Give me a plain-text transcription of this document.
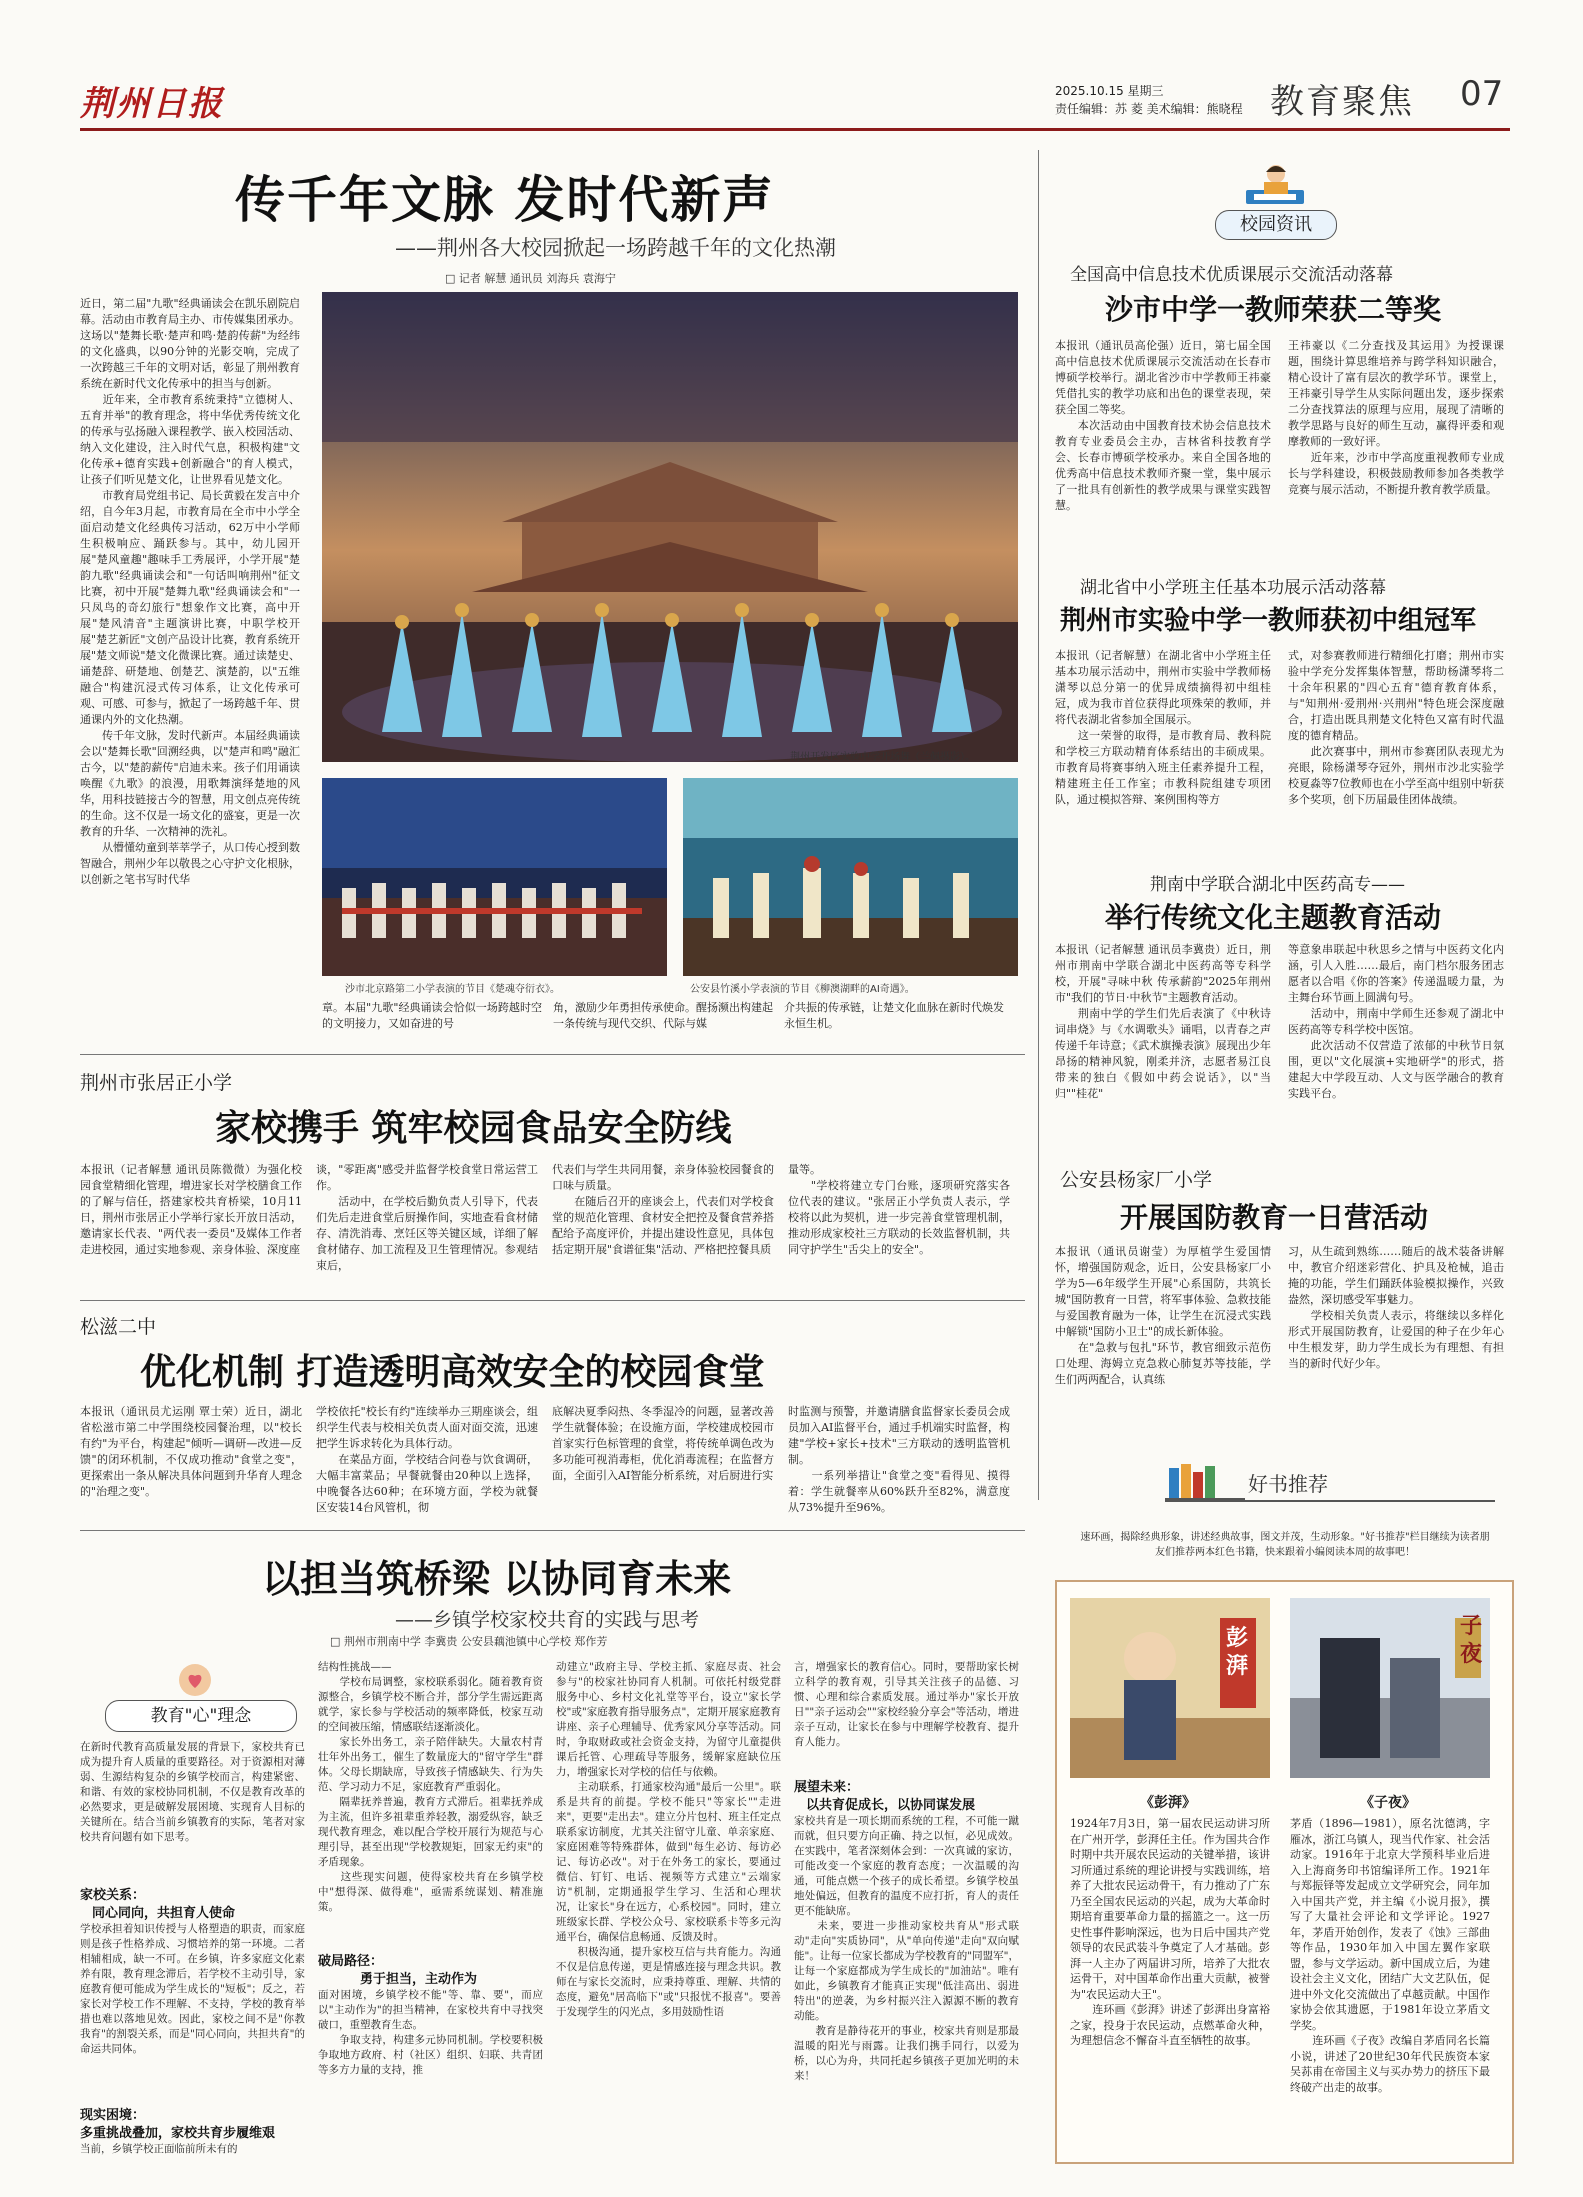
荆州日报	2025.10.15 星期三
责任编辑：苏 菱 美术编辑：熊晓程 教育聚焦 07
传千年文脉 发时代新声
——荆州各大校园掀起一场跨越千年的文化热潮
□ 记者 解慧 通讯员 刘海兵 袁海宁
近日，第二届"九歌"经典诵读会在凯乐剧院启幕。活动由市教育局主办、市传媒集团承办。这场以"楚舞长歌·楚声和鸣·楚韵传薪"为经纬的文化盛典，以90分钟的光影交响，完成了一次跨越三千年的文明对话，彰显了荆州教育系统在新时代文化传承中的担当与创新。
　　近年来，全市教育系统秉持"立德树人、五育并举"的教育理念，将中华优秀传统文化的传承与弘扬融入课程教学、嵌入校园活动、纳入文化建设，注入时代气息，积极构建"文化传承+德育实践+创新融合"的育人模式，让孩子们听见楚文化，让世界看见楚文化。
　　市教育局党组书记、局长黄毅在发言中介绍，自今年3月起，市教育局在全市中小学全面启动楚文化经典传习活动，62万中小学师生积极响应、踊跃参与。其中，幼儿园开展"楚风童趣"趣味手工秀展评，小学开展"楚韵九歌"经典诵读会和"一句话叫响荆州"征文比赛，初中开展"楚舞九歌"经典诵读会和"一只凤鸟的奇幻旅行"想象作文比赛，高中开展"楚风清音"主题演讲比赛，中职学校开展"楚艺新匠"文创产品设计比赛，教育系统开展"楚文师说"楚文化微课比赛。通过读楚史、诵楚辞、研楚地、创楚艺、演楚韵，以"五维融合"构建沉浸式传习体系，让文化传承可观、可感、可参与，掀起了一场跨越千年、贯通课内外的文化热潮。
　　传千年文脉，发时代新声。本届经典诵读会以"楚舞长歌"回溯经典，以"楚声和鸣"融汇古今，以"楚韵薪传"启迪未来。孩子们用诵读唤醒《九歌》的浪漫，用歌舞演绎楚地的风华，用科技链接古今的智慧，用文创点亮传统的生命。这不仅是一场文化的盛宴，更是一次教育的升华、一次精神的洗礼。
　　从懵懂幼童到莘莘学子，从口传心授到数智融合，荆州少年以敬畏之心守护文化根脉，以创新之笔书写时代华
荆州开发区实验中学开场舞（兰佩摄影）。
沙市北京路第二小学表演的节目《楚魂夺衍衣》。	公安县竹溪小学表演的节目《柳澳湖畔的AI奇遇》。
章。本届"九歌"经典诵读会恰似一场跨越时空的文明接力，又如奋进的号
角，激励少年勇担传承使命。醒扬濒出构建起一条传统与现代交织、代际与媒
介共振的传承链，让楚文化血脉在新时代焕发永恒生机。
校园资讯
全国高中信息技术优质课展示交流活动落幕
沙市中学一教师荣获二等奖
本报讯（通讯员高伦强）近日，第七届全国高中信息技术优质课展示交流活动在长春市博硕学校举行。湖北省沙市中学教师王祎豪凭借扎实的教学功底和出色的课堂表现，荣获全国二等奖。
　　本次活动由中国教育技术协会信息技术教育专业委员会主办，吉林省科技教育学会、长春市博硕学校承办。来自全国各地的优秀高中信息技术教师齐聚一堂，集中展示了一批具有创新性的教学成果与课堂实践智慧。
王祎豪以《二分查找及其运用》为授课课题，围绕计算思维培养与跨学科知识融合，精心设计了富有层次的教学环节。课堂上，王祎豪引导学生从实际问题出发，逐步探索二分查找算法的原理与应用，展现了清晰的教学思路与良好的师生互动，赢得评委和观摩教师的一致好评。
　　近年来，沙市中学高度重视教师专业成长与学科建设，积极鼓励教师参加各类教学竞赛与展示活动，不断提升教育教学质量。
湖北省中小学班主任基本功展示活动落幕
荆州市实验中学一教师获初中组冠军
本报讯（记者解慧）在湖北省中小学班主任基本功展示活动中，荆州市实验中学教师杨潇琴以总分第一的优异成绩摘得初中组桂冠，成为我市首位获得此项殊荣的教师，并将代表湖北省参加全国展示。
　　这一荣誉的取得，是市教育局、教科院和学校三方联动精育体系结出的丰硕成果。市教育局将赛事纳入班主任素养提升工程，精建班主任工作室；市教科院组建专项团队，通过模拟答辩、案例围构等方
式，对参赛教师进行精细化打磨；荆州市实验中学充分发挥集体智慧，帮助杨潇琴将二十余年积累的"四心五育"德育教育体系，与"知荆州·爱荆州·兴荆州"特色班会深度融合，打造出既具荆楚文化特色又富有时代温度的德育精品。
　　此次赛事中，荆州市参赛团队表现尤为亮眼，除杨潇琴夺冠外，荆州市沙北实验学校夏淼等7位教师也在小学至高中组别中斩获多个奖项，创下历届最佳团体战绩。
荆南中学联合湖北中医药高专——
举行传统文化主题教育活动
本报讯（记者解慧 通讯员李冀贵）近日，荆州市荆南中学联合湖北中医药高等专科学校，开展"寻味中秋 传承薪韵"2025年荆州市"我们的节日·中秋节"主题教育活动。
　　荆南中学的学生们先后表演了《中秋诗词串烧》与《水调歌头》诵唱，以青春之声传递千年诗意；《武术旗操表演》展现出少年昂扬的精神风貌，刚柔并济，志愿者易江良带来的独白《假如中药会说话》，以"当归""桂花"
等意象串联起中秋思乡之情与中医药文化内涵，引人入胜……最后，南门档尔服务团志愿者以合唱《你的答案》传递温暖力量，为主舞台环节画上圆满句号。
　　活动中，荆南中学师生还参观了湖北中医药高等专科学校中医馆。
　　此次活动不仅营造了浓郁的中秋节日氛围，更以"文化展演+实地研学"的形式，搭建起大中学段互动、人文与医学融合的教育实践平台。
荆州市张居正小学
家校携手 筑牢校园食品安全防线
本报讯（记者解慧 通讯员陈微微）为强化校园食堂精细化管理，增进家长对学校膳食工作的了解与信任，搭建家校共育桥梁，10月11日，荆州市张居正小学举行家长开放日活动，邀请家长代表、"两代表一委员"及媒体工作者走进校园，通过实地参观、亲身体验、深度座
谈，"零距离"感受并监督学校食堂日常运营工作。
　　活动中，在学校后勤负责人引导下，代表们先后走进食堂后厨操作间，实地查看食材储存、清洗消毒、烹饪区等关键区域，详细了解食材储存、加工流程及卫生管理情况。参观结束后，
代表们与学生共同用餐，亲身体验校园餐食的口味与质量。
　　在随后召开的座谈会上，代表们对学校食堂的规范化管理、食材安全把控及餐食营养搭配给予高度评价，并提出建设性意见，具体包括定期开展"食谱征集"活动、严格把控餐具质
量等。
　　"学校将建立专门台账，逐项研究落实各位代表的建议。"张居正小学负责人表示，学校将以此为契机，进一步完善食堂管理机制，推动形成家校社三方联动的长效监督机制，共同守护学生"舌尖上的安全"。
松滋二中
优化机制 打造透明高效安全的校园食堂
本报讯（通讯员尤运刚 覃士荣）近日，湖北省松滋市第二中学围绕校园餐治理，以"校长有约"为平台，构建起"倾听—调研—改进—反馈"的闭环机制，不仅成功推动"食堂之变"，更探索出一条从解决具体问题到升华育人理念的"治理之变"。
学校依托"校长有约"连续举办三期座谈会，组织学生代表与校相关负责人面对面交流，迅速把学生诉求转化为具体行动。
　　在菜品方面，学校结合问卷与饮食调研，大幅丰富菜品；早餐就餐由20种以上选择，中晚餐各达60种；在环境方面，学校为就餐区安装14台风管机，彻
底解决夏季闷热、冬季湿冷的问题，显著改善学生就餐体验；在设施方面，学校建成校园市首家实行色标管理的食堂，将传统单调色改为多功能可视消毒柜，优化消毒流程；在监督方面，全面引入AI智能分析系统，对后厨进行实
时监测与预警，并邀请膳食监督家长委员会成员加入AI监督平台，通过手机端实时监督，构建"学校+家长+技术"三方联动的透明监管机制。
　　一系列举措让"食堂之变"看得见、摸得着：学生就餐率从60%跃升至82%，满意度从73%提升至96%。
公安县杨家厂小学
开展国防教育一日营活动
本报讯（通讯员谢莹）为厚植学生爱国情怀，增强国防观念，近日，公安县杨家厂小学为5—6年级学生开展"心系国防，共筑长城"国防教育一日营，将军事体验、急救技能与爱国教育融为一体，让学生在沉浸式实践中解锁"国防小卫士"的成长新体验。
　　在"急救与包扎"环节，教官细致示范伤口处理、海姆立克急救心肺复苏等技能，学生们两两配合，认真练
习，从生疏到熟练……随后的战术装备讲解中，教官介绍迷彩营化、护具及枪械，追击掩的功能，学生们踊跃体验模拟操作，兴致盎然，深切感受军事魅力。
　　学校相关负责人表示，将继续以多样化形式开展国防教育，让爱国的种子在少年心中生根发芽，助力学生成长为有理想、有担当的新时代好少年。
好书推荐
速环画，揭除经典形象，讲述经典故事，图文并茂，生动形象。"好书推荐"栏目继续为读者朋友们推荐两本红色书籍，快来跟着小编阅读本周的故事吧！
彭湃
子夜
《彭湃》	《子夜》
1924年7月3日，第一届农民运动讲习所在广州开学，彭湃任主任。作为国共合作时期中共开展农民运动的关键举措，该讲习所通过系统的理论讲授与实践训练，培养了大批农民运动骨干，有力推动了广东乃至全国农民运动的兴起，成为大革命时期培育重要革命力量的摇篮之一。这一历史性事件影响深远，也为日后中国共产党领导的农民武装斗争奠定了人才基础。彭湃一人主办了两届讲习所，培养了大批农运骨干，对中国革命作出重大贡献，被誉为"农民运动大王"。
　　连环画《彭湃》讲述了彭湃出身富裕之家，投身于农民运动，点燃革命火种，为理想信念不懈奋斗直至牺牲的故事。
茅盾（1896—1981），原名沈德鸿，字雁冰，浙江乌镇人，现当代作家、社会活动家。1916年于北京大学预科毕业后进入上海商务印书馆编译所工作。1921年与郑振铎等发起成立文学研究会，同年加入中国共产党，并主编《小说月报》，撰写了大量社会评论和文学评论。1927年，茅盾开始创作，发表了《蚀》三部曲等作品，1930年加入中国左翼作家联盟，参与文学运动。新中国成立后，为建设社会主义文化，团结广大文艺队伍，促进中外文化交流做出了卓越贡献。中国作家协会依其遗愿，于1981年设立茅盾文学奖。
　　连环画《子夜》改编自茅盾同名长篇小说，讲述了20世纪30年代民族资本家吴荪甫在帝国主义与买办势力的挤压下最终破产出走的故事。
以担当筑桥梁 以协同育未来
——乡镇学校家校共育的实践与思考
□ 荆州市荆南中学 李冀贵 公安县藕池镇中心学校 郑作芳
教育"心"理念
在新时代教育高质量发展的背景下，家校共育已成为提升育人质量的重要路径。对于资源相对薄弱、生源结构复杂的乡镇学校而言，构建紧密、和谐、有效的家校协同机制，不仅是教育改革的必然要求，更是破解发展困境、实现育人目标的关键所在。结合当前乡镇教育的实际，笔者对家校共育问题有如下思考。
家校关系：
同心同向，共担育人使命
学校承担着知识传授与人格塑造的职责，而家庭则是孩子性格养成、习惯培养的第一环境。二者相辅相成，缺一不可。在乡镇，许多家庭文化素养有限，教育理念滞后，若学校不主动引导，家庭教育便可能成为学生成长的"短板"；反之，若家长对学校工作不理解、不支持，学校的教育举措也难以落地见效。因此，家校之间不是"你教我育"的割裂关系，而是"同心同向，共担共育"的命运共同体。
现实困境：
多重挑战叠加，家校共育步履维艰
当前，乡镇学校正面临前所未有的
结构性挑战——
　　学校布局调整，家校联系弱化。随着教育资源整合，乡镇学校不断合并，部分学生需远距离就学，家长参与学校活动的频率降低，校家互动的空间被压缩，情感联结逐渐淡化。
　　家长外出务工，亲子陪伴缺失。大量农村青壮年外出务工，催生了数量庞大的"留守学生"群体。父母长期缺席，导致孩子情感缺失、行为失范、学习动力不足，家庭教育严重弱化。
　　隔辈抚养普遍，教育方式滞后。祖辈抚养成为主流，但许多祖辈重养轻教，溺爱纵容，缺乏现代教育理念，难以配合学校开展行为规范与心理引导，甚至出现"学校教规矩，回家无约束"的矛盾现象。
　　这些现实问题，使得家校共育在乡镇学校中"想得深、做得难"，亟需系统谋划、精准施策。
破局路径：
勇于担当，主动作为
面对困境，乡镇学校不能"等、靠、要"，而应以"主动作为"的担当精神，在家校共育中寻找突破口，重塑教育生态。
　　争取支持，构建多元协同机制。学校要积极争取地方政府、村（社区）组织、妇联、共青团等多方力量的支持，推
动建立"政府主导、学校主抓、家庭尽责、社会参与"的校家社协同育人机制。可依托村级党群服务中心、乡村文化礼堂等平台，设立"家长学校"或"家庭教育指导服务点"，定期开展家庭教育讲座、亲子心理辅导、优秀家风分享等活动。同时，争取财政或社会资金支持，为留守儿童提供课后托管、心理疏导等服务，缓解家庭缺位压力，增强家长对学校的信任与依赖。
　　主动联系，打通家校沟通"最后一公里"。联系是共育的前提。学校不能只"等家长""走进来"，更要"走出去"。建立分片包村、班主任定点联系家访制度，尤其关注留守儿童、单亲家庭、家庭困难等特殊群体，做到"每生必访、每访必记、每访必改"。对于在外务工的家长，要通过微信、钉钉、电话、视频等方式建立"云端家访"机制，定期通报学生学习、生活和心理状况，让家长"身在远方，心系校园"。同时，建立班级家长群、学校公众号、家校联系卡等多元沟通平台，确保信息畅通、反馈及时。
　　积极沟通，提升家校互信与共育能力。沟通不仅是信息传递，更是情感连接与理念共识。教师在与家长交流时，应秉持尊重、理解、共情的态度，避免"居高临下"或"只报忧不报喜"。要善于发现学生的闪光点，多用鼓励性语
言，增强家长的教育信心。同时，要帮助家长树立科学的教育观，引导其关注孩子的品德、习惯、心理和综合素质发展。通过举办"家长开放日""亲子运动会""家校经验分享会"等活动，增进亲子互动，让家长在参与中理解学校教育、提升育人能力。
展望未来：
以共育促成长，以协同谋发展
家校共育是一项长期而系统的工程，不可能一蹴而就，但只要方向正确、持之以恒，必见成效。在实践中，笔者深刻体会到：一次真诚的家访，可能改变一个家庭的教育态度；一次温暖的沟通，可能点燃一个孩子的成长希望。乡镇学校虽地处偏远，但教育的温度不应打折，育人的责任更不能缺席。
　　未来，要进一步推动家校共育从"形式联动"走向"实质协同"，从"单向传递"走向"双向赋能"。让每一位家长都成为学校教育的"同盟军"，让每一个家庭都成为学生成长的"加油站"。唯有如此，乡镇教育才能真正实现"低洼高出、弱进特出"的逆袭，为乡村振兴注入源源不断的教育动能。
　　教育是静待花开的事业，校家共育则是那最温暖的阳光与雨露。让我们携手同行，以爱为桥，以心为舟，共同托起乡镇孩子更加光明的未来！
